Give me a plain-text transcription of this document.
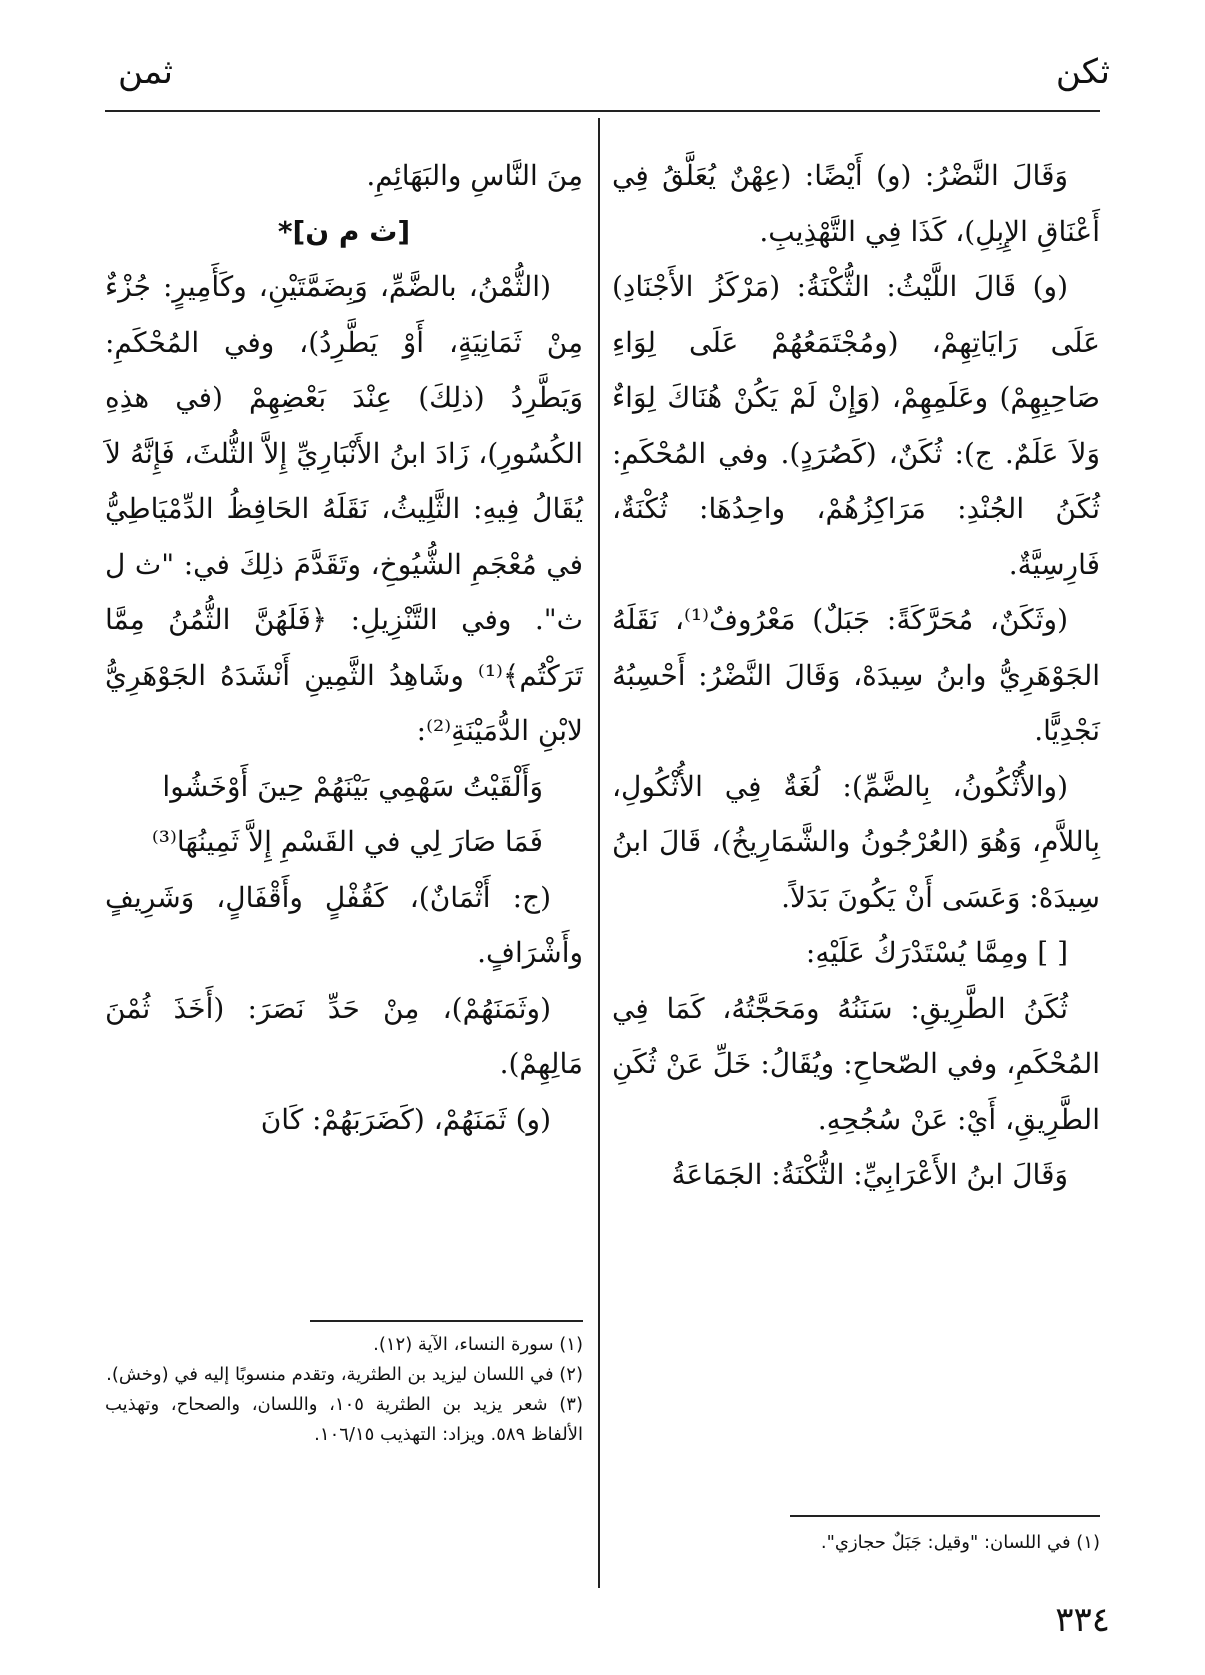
ثكن
ثمن

وَقَالَ النَّضْرُ: (و) أَيْضًا: (عِهْنٌ يُعَلَّقُ فِي أَعْنَاقِ الإِبِلِ)، كَذَا فِي التَّهْذِيبِ.

(و) قَالَ اللَّيْثُ: الثُّكْنَةُ: (مَرْكَزُ الأَجْنَادِ) عَلَى رَايَاتِهِمْ، (ومُجْتَمَعُهُمْ عَلَى لِوَاءِ صَاحِبِهِمْ) وعَلَمِهِمْ، (وَإِنْ لَمْ يَكُنْ هُنَاكَ لِوَاءٌ وَلاَ عَلَمٌ. ج): ثُكَنٌ، (كَصُرَدٍ). وفي المُحْكَمِ: ثُكَنُ الجُنْدِ: مَرَاكِزُهُمْ، واحِدُهَا: ثُكْنَةٌ، فَارِسِيَّةٌ.

(وثَكَنٌ، مُحَرَّكَةً: جَبَلٌ) مَعْرُوفٌ⁽¹⁾، نَقَلَهُ الجَوْهَرِيُّ وابنُ سِيدَهْ، وَقَالَ النَّضْرُ: أَحْسِبُهُ نَجْدِيًّا.

(والأُثْكُونُ، بِالضَّمِّ): لُغَةٌ فِي الأُثْكُولِ، بِاللاَّمِ، وَهُوَ (العُرْجُونُ والشَّمَارِيخُ)، قَالَ ابنُ سِيدَهْ: وَعَسَى أَنْ يَكُونَ بَدَلاً.

[ ] ومِمَّا يُسْتَدْرَكُ عَلَيْهِ:

ثُكَنُ الطَّرِيقِ: سَنَنُهُ ومَحَجَّتُهُ، كَمَا فِي المُحْكَمِ، وفي الصّحاحِ: ويُقَالُ: خَلِّ عَنْ ثُكَنِ الطَّرِيقِ، أَيْ: عَنْ سُجُحِهِ.

وَقَالَ ابنُ الأَعْرَابِيِّ: الثُّكْنَةُ: الجَمَاعَةُ

مِنَ النَّاسِ والبَهَائِمِ.

[ث م ن]*

(الثُّمْنُ، بالضَّمِّ، وَبِضَمَّتَيْنِ، وكَأَمِيرٍ: جُزْءٌ مِنْ ثَمَانِيَةٍ، أَوْ يَطَّرِدُ)، وفي المُحْكَمِ: وَيَطَّرِدُ (ذلِكَ) عِنْدَ بَعْضِهِمْ (في هذِهِ الكُسُورِ)، زَادَ ابنُ الأَنْبَارِيِّ إِلاَّ الثُّلثَ، فَإِنَّهُ لاَ يُقَالُ فِيهِ: الثَّلِيثُ، نَقَلَهُ الحَافِظُ الدِّمْيَاطِيُّ في مُعْجَمِ الشُّيُوخِ، وتَقَدَّمَ ذلِكَ في: "ث ل ث". وفي التَّنْزِيلِ: ﴿فَلَهُنَّ الثُّمُنُ مِمَّا تَرَكْتُم﴾⁽¹⁾ وشَاهِدُ الثَّمِينِ أَنْشَدَهُ الجَوْهَرِيُّ لابْنِ الدُّمَيْنَةِ⁽²⁾:

وَأَلْقَيْتُ سَهْمِي بَيْنَهُمْ حِينَ أَوْخَشُوا

فَمَا صَارَ لِي في القَسْمِ إِلاَّ ثَمِينُهَا⁽³⁾

(ج: أَثْمَانٌ)، كَقُفْلٍ وأَقْفَالٍ، وَشَرِيفٍ وأَشْرَافٍ.

(وثَمَنَهُمْ)، مِنْ حَدِّ نَصَرَ: (أَخَذَ ثُمْنَ مَالِهِمْ).

(و) ثَمَنَهُمْ، (كَضَرَبَهُمْ: كَانَ

(١) سورة النساء، الآية (١٢).

(٢) في اللسان ليزيد بن الطثرية، وتقدم منسوبًا إليه في (وخش).

(٣) شعر يزيد بن الطثرية ١٠٥، واللسان، والصحاح، وتهذيب الألفاظ ٥٨٩. ويزاد: التهذيب ١٠٦/١٥.

(١) في اللسان: "وقيل: جَبَلٌ حجازي".

٣٣٤
